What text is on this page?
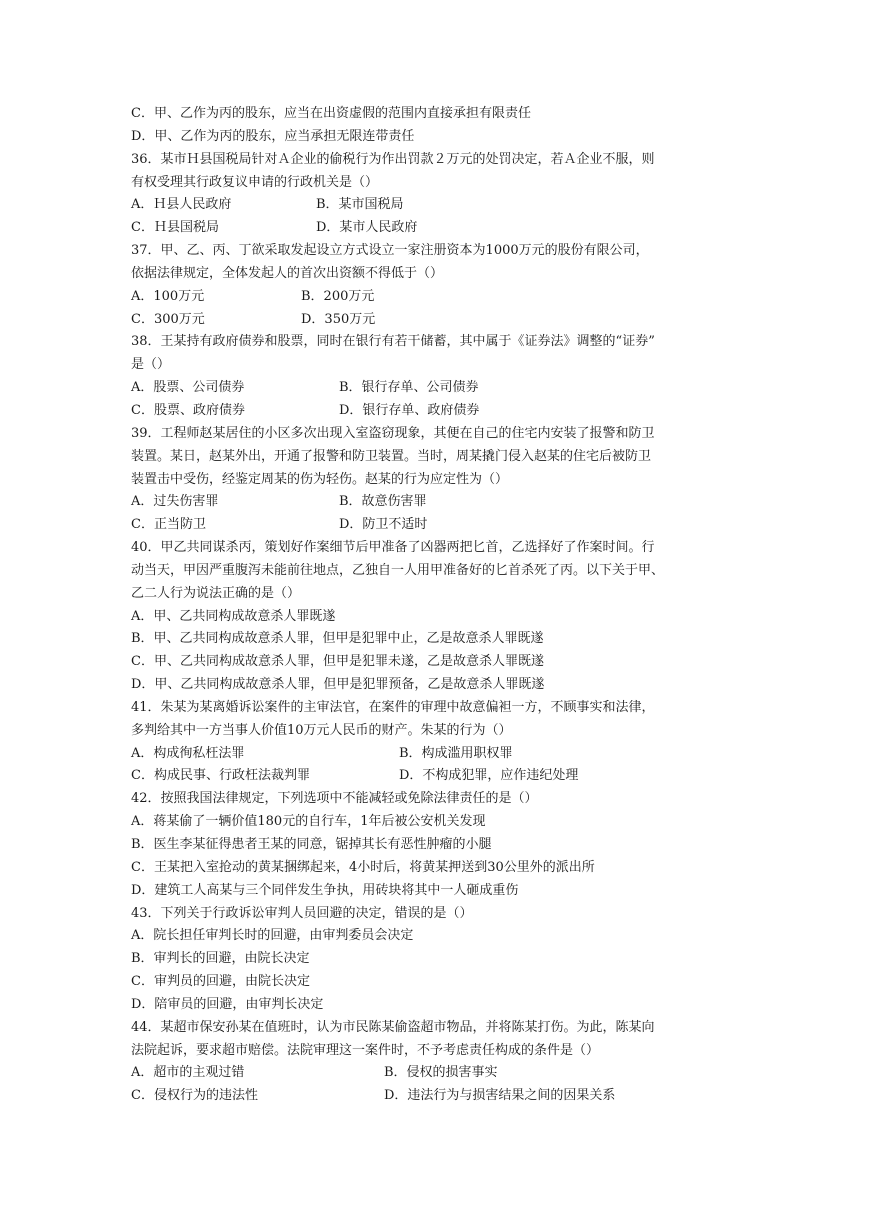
C．甲、乙作为丙的股东，应当在出资虚假的范围内直接承担有限责任
D．甲、乙作为丙的股东，应当承担无限连带责任
36．某市Ｈ县国税局针对Ａ企业的偷税行为作出罚款２万元的处罚决定，若Ａ企业不服，则
有权受理其行政复议申请的行政机关是（）
A．Ｈ县人民政府	B．某市国税局
C．Ｈ县国税局	D．某市人民政府
37．甲、乙、丙、丁欲采取发起设立方式设立一家注册资本为1000万元的股份有限公司，
依据法律规定，全体发起人的首次出资额不得低于（）
A．100万元	B．200万元
C．300万元	D．350万元
38．王某持有政府债券和股票，同时在银行有若干储蓄，其中属于《证券法》调整的“证券”
是（）
A．股票、公司债券	B．银行存单、公司债券
C．股票、政府债券	D．银行存单、政府债券
39．工程师赵某居住的小区多次出现入室盗窃现象，其便在自己的住宅内安装了报警和防卫
装置。某日，赵某外出，开通了报警和防卫装置。当时，周某撬门侵入赵某的住宅后被防卫
装置击中受伤，经鉴定周某的伤为轻伤。赵某的行为应定性为（）
A．过失伤害罪	B．故意伤害罪
C．正当防卫	D．防卫不适时
40．甲乙共同谋杀丙，策划好作案细节后甲准备了凶器两把匕首，乙选择好了作案时间。行
动当天，甲因严重腹泻未能前往地点，乙独自一人用甲准备好的匕首杀死了丙。以下关于甲、
乙二人行为说法正确的是（）
A．甲、乙共同构成故意杀人罪既遂
B．甲、乙共同构成故意杀人罪，但甲是犯罪中止，乙是故意杀人罪既遂
C．甲、乙共同构成故意杀人罪，但甲是犯罪未遂，乙是故意杀人罪既遂
D．甲、乙共同构成故意杀人罪，但甲是犯罪预备，乙是故意杀人罪既遂
41．朱某为某离婚诉讼案件的主审法官，在案件的审理中故意偏袒一方，不顾事实和法律，
多判给其中一方当事人价值10万元人民币的财产。朱某的行为（）
A．构成徇私枉法罪	B．构成滥用职权罪
C．构成民事、行政枉法裁判罪	D．不构成犯罪，应作违纪处理
42．按照我国法律规定，下列选项中不能减轻或免除法律责任的是（）
A．蒋某偷了一辆价值180元的自行车，1年后被公安机关发现
B．医生李某征得患者王某的同意，锯掉其长有恶性肿瘤的小腿
C．王某把入室抢动的黄某捆绑起来，4小时后，将黄某押送到30公里外的派出所
D．建筑工人高某与三个同伴发生争执，用砖块将其中一人砸成重伤
43．下列关于行政诉讼审判人员回避的决定，错误的是（）
A．院长担任审判长时的回避，由审判委员会决定
B．审判长的回避，由院长决定
C．审判员的回避，由院长决定
D．陪审员的回避，由审判长决定
44．某超市保安孙某在值班时，认为市民陈某偷盗超市物品，并将陈某打伤。为此，陈某向
法院起诉，要求超市赔偿。法院审理这一案件时，不予考虑责任构成的条件是（）
A．超市的主观过错	B．侵权的损害事实
C．侵权行为的违法性	D．违法行为与损害结果之间的因果关系
